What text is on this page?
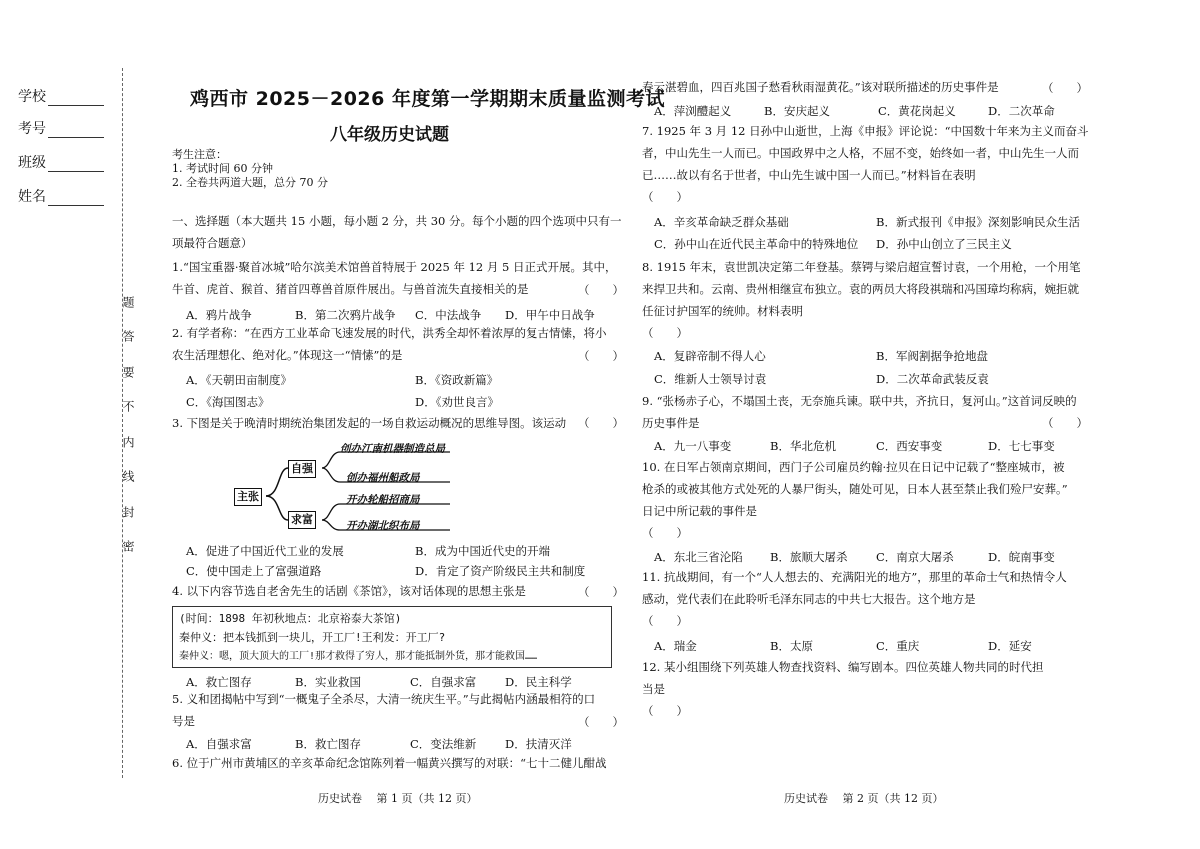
学校
考号
班级
姓名
题
答
要
不
内
线
封
密
鸡西市 2025－2026 年度第一学期期末质量监测考试
八年级历史试题

考生注意：

1. 考试时间 60 分钟

2. 全卷共两道大题，总分 70 分

一、选择题（本大题共 15 小题，每小题 2 分，共 30 分。每个小题的四个选项中只有一

项最符合题意）

1.“国宝重器·聚首冰城”哈尔滨美术馆兽首特展于 2025 年 12 月 5 日正式开展。其中，

牛首、虎首、猴首、猪首四尊兽首原件展出。与兽首流失直接相关的是	（　　）
A．鸦片战争	B．第二次鸦片战争 C．中法战争 D．甲午中日战争

2. 有学者称：“在西方工业革命飞速发展的时代，洪秀全却怀着浓厚的复古情愫，将小

农生活理想化、绝对化。”体现这一“情愫”的是	（　　）
A．《天朝田亩制度》	B．《资政新篇》
C．《海国图志》	D．《劝世良言》

3. 下图是关于晚清时期统治集团发起的一场自救运动概况的思维导图。该运动	（　　）
主张
自强
求富
创办江南机器制造总局
创办福州船政局
开办轮船招商局
开办湖北织布局
A．促进了中国近代工业的发展	B．成为中国近代史的开端
C．使中国走上了富强道路	D．肯定了资产阶级民主共和制度

4. 以下内容节选自老舍先生的话剧《茶馆》，该对话体现的思想主张是	（　　）
(时间：1898 年初秋地点：北京裕泰大茶馆)
秦仲义：把本钱抓到一块儿，开工厂!王利发：开工厂?
秦仲义：嗯，顶大顶大的工厂!那才救得了穷人，那才能抵制外货，那才能救国……
A．救亡图存	B．实业救国	C．自强求富 D．民主科学

5. 义和团揭帖中写到“一概鬼子全杀尽，大清一统庆生平。”与此揭帖内涵最相符的口

号是	（　　）
A．自强求富	B．救亡图存	C．变法维新 D．扶清灭洋

6. 位于广州市黄埔区的辛亥革命纪念馆陈列着一幅黄兴撰写的对联：“七十二健儿酣战

春云湛碧血，四百兆国子愁看秋雨湿黄花。”该对联所描述的历史事件是	（　　）
A．萍浏醴起义	B．安庆起义	C．黄花岗起义	D．二次革命

7. 1925 年 3 月 12 日孙中山逝世，上海《申报》评论说：“中国数十年来为主义而奋斗

者，中山先生一人而已。中国政界中之人格，不屈不变，始终如一者，中山先生一人而

已……故以有名于世者，中山先生诚中国一人而已。”材料旨在表明

（　　）

A．辛亥革命缺乏群众基础	B．新式报刊《申报》深刻影响民众生活
C．孙中山在近代民主革命中的特殊地位 D．孙中山创立了三民主义

8. 1915 年末，袁世凯决定第二年登基。蔡锷与梁启超宣誓讨袁，一个用枪，一个用笔

来捍卫共和。云南、贵州相继宣布独立。袁的两员大将段祺瑞和冯国璋均称病，婉拒就

任征讨护国军的统帅。材料表明

（　　）

A．复辟帝制不得人心	B．军阀割据争抢地盘
C．维新人士领导讨袁	D．二次革命武装反袁

9. “张杨赤子心，不塌国土丧，无奈施兵谏。联中共，齐抗日，复河山。”这首词反映的

历史事件是	（　　）
A．九一八事变	B．华北危机	C．西安事变	D．七七事变

10. 在日军占领南京期间，西门子公司雇员约翰·拉贝在日记中记载了“整座城市，被

枪杀的或被其他方式处死的人暴尸街头，随处可见，日本人甚至禁止我们殓尸安葬。”

日记中所记载的事件是

（　　）

A．东北三省沦陷 B．旅顺大屠杀 C．南京大屠杀	D．皖南事变

11. 抗战期间，有一个“人人想去的、充满阳光的地方”，那里的革命士气和热情令人

感动，党代表们在此聆听毛泽东同志的中共七大报告。这个地方是

（　　）

A．瑞金	B．太原	C．重庆	D．延安

12. 某小组围绕下列英雄人物查找资料、编写剧本。四位英雄人物共同的时代担

当是

（　　）

历史试卷　 第 1 页（共 12 页）	历史试卷　 第 2 页（共 12 页）
